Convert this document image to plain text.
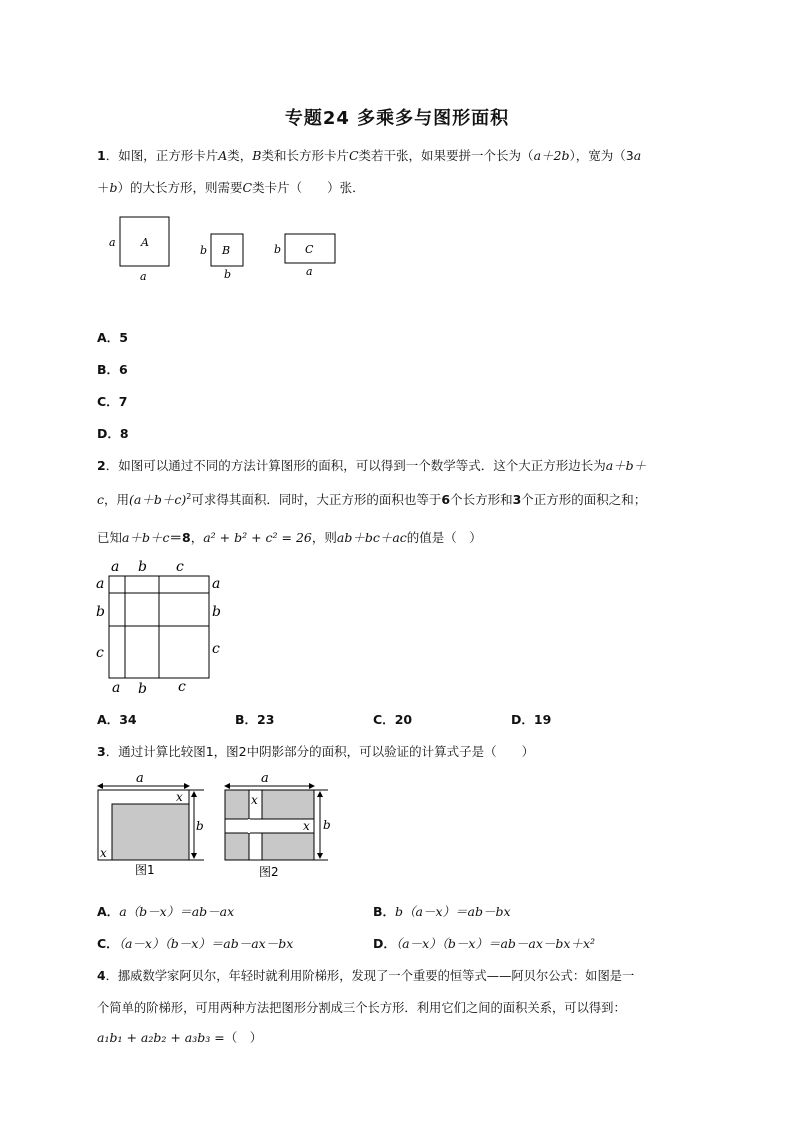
专题24 多乘多与图形面积
1．如图，正方形卡片A类，B类和长方形卡片C类若干张，如果要拼一个长为（a＋2b），宽为（3a
＋b）的大长方形，则需要C类卡片（　　）张．
a A
a
b B
b
b C
a
A．5
B．6
C．7
D．8
2．如图可以通过不同的方法计算图形的面积，可以得到一个数学等式．这个大正方形边长为a＋b＋
c，用$(a+b+c)^2$可求得其面积．同时，大正方形的面积也等于6个长方形和3个正方形的面积之和；
已知a＋b＋c＝8，a² + b² + c² = 26，则ab＋bc＋ac的值是（　）
a b c
a
b
c
a
b
c
a b c
A．34	B．23	C．20	D．19
3．通过计算比较图1，图2中阴影部分的面积，可以验证的计算式子是（　　）
a
x
x
b
图1
a
x
x b
图2
A．a（b－x）＝ab－ax	B．b（a－x）＝ab－bx
C．（a－x）（b－x）＝ab－ax－bx	D．（a－x）（b－x）＝ab－ax－bx＋x²
4．挪威数学家阿贝尔，年轻时就利用阶梯形，发现了一个重要的恒等式——阿贝尔公式：如图是一
个简单的阶梯形，可用两种方法把图形分割成三个长方形．利用它们之间的面积关系，可以得到：
a₁b₁ + a₂b₂ + a₃b₃ =（　）
